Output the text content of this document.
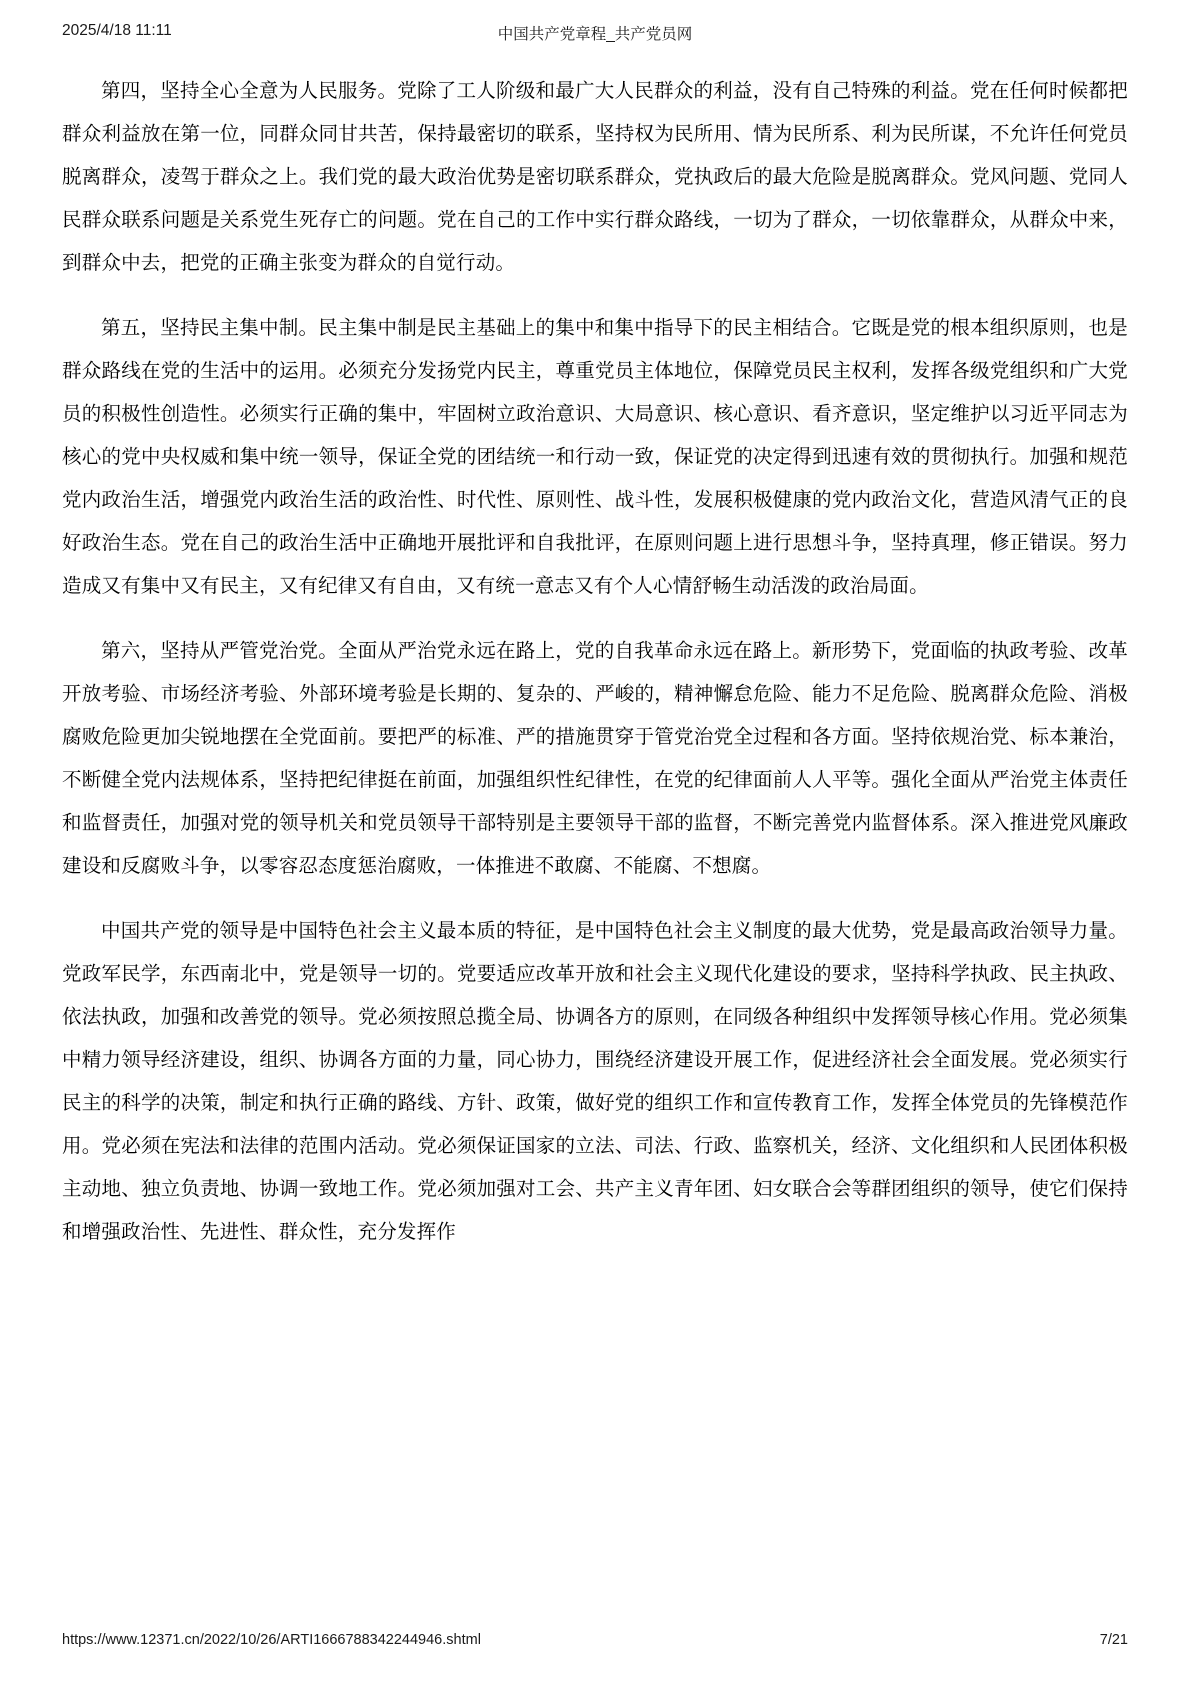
2025/4/18 11:11	中国共产党章程_共产党员网

第四，坚持全心全意为人民服务。党除了工人阶级和最广大人民群众的利益，没有自己特殊的利益。党在任何时候都把群众利益放在第一位，同群众同甘共苦，保持最密切的联系，坚持权为民所用、情为民所系、利为民所谋，不允许任何党员脱离群众，凌驾于群众之上。我们党的最大政治优势是密切联系群众，党执政后的最大危险是脱离群众。党风问题、党同人民群众联系问题是关系党生死存亡的问题。党在自己的工作中实行群众路线，一切为了群众，一切依靠群众，从群众中来，到群众中去，把党的正确主张变为群众的自觉行动。

第五，坚持民主集中制。民主集中制是民主基础上的集中和集中指导下的民主相结合。它既是党的根本组织原则，也是群众路线在党的生活中的运用。必须充分发扬党内民主，尊重党员主体地位，保障党员民主权利，发挥各级党组织和广大党员的积极性创造性。必须实行正确的集中，牢固树立政治意识、大局意识、核心意识、看齐意识，坚定维护以习近平同志为核心的党中央权威和集中统一领导，保证全党的团结统一和行动一致，保证党的决定得到迅速有效的贯彻执行。加强和规范党内政治生活，增强党内政治生活的政治性、时代性、原则性、战斗性，发展积极健康的党内政治文化，营造风清气正的良好政治生态。党在自己的政治生活中正确地开展批评和自我批评，在原则问题上进行思想斗争，坚持真理，修正错误。努力造成又有集中又有民主，又有纪律又有自由，又有统一意志又有个人心情舒畅生动活泼的政治局面。

第六，坚持从严管党治党。全面从严治党永远在路上，党的自我革命永远在路上。新形势下，党面临的执政考验、改革开放考验、市场经济考验、外部环境考验是长期的、复杂的、严峻的，精神懈怠危险、能力不足危险、脱离群众危险、消极腐败危险更加尖锐地摆在全党面前。要把严的标准、严的措施贯穿于管党治党全过程和各方面。坚持依规治党、标本兼治，不断健全党内法规体系，坚持把纪律挺在前面，加强组织性纪律性，在党的纪律面前人人平等。强化全面从严治党主体责任和监督责任，加强对党的领导机关和党员领导干部特别是主要领导干部的监督，不断完善党内监督体系。深入推进党风廉政建设和反腐败斗争，以零容忍态度惩治腐败，一体推进不敢腐、不能腐、不想腐。

中国共产党的领导是中国特色社会主义最本质的特征，是中国特色社会主义制度的最大优势，党是最高政治领导力量。党政军民学，东西南北中，党是领导一切的。党要适应改革开放和社会主义现代化建设的要求，坚持科学执政、民主执政、依法执政，加强和改善党的领导。党必须按照总揽全局、协调各方的原则，在同级各种组织中发挥领导核心作用。党必须集中精力领导经济建设，组织、协调各方面的力量，同心协力，围绕经济建设开展工作，促进经济社会全面发展。党必须实行民主的科学的决策，制定和执行正确的路线、方针、政策，做好党的组织工作和宣传教育工作，发挥全体党员的先锋模范作用。党必须在宪法和法律的范围内活动。党必须保证国家的立法、司法、行政、监察机关，经济、文化组织和人民团体积极主动地、独立负责地、协调一致地工作。党必须加强对工会、共产主义青年团、妇女联合会等群团组织的领导，使它们保持和增强政治性、先进性、群众性，充分发挥作

https://www.12371.cn/2022/10/26/ARTI1666788342244946.shtml	7/21
